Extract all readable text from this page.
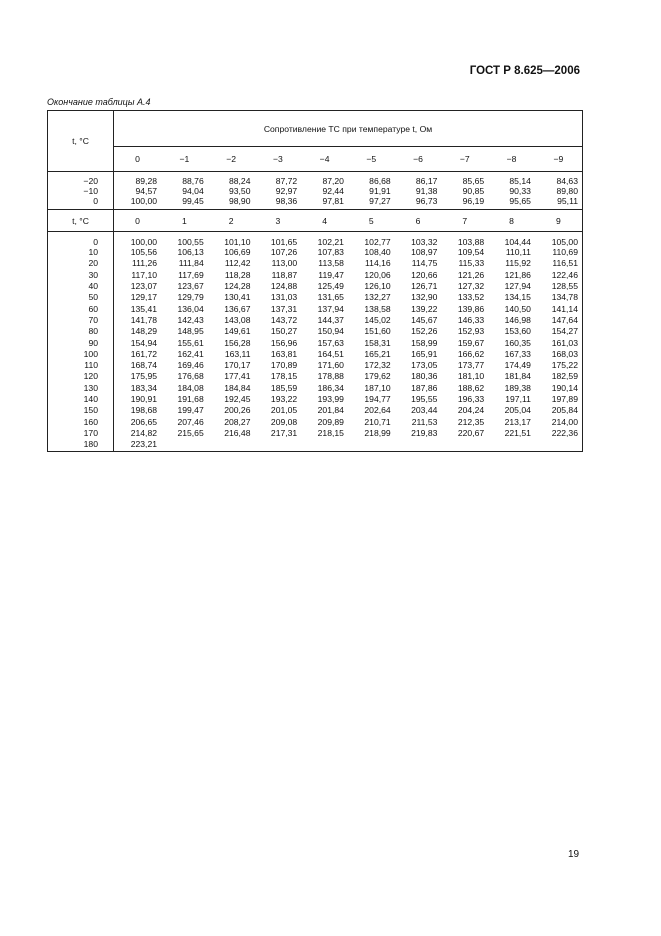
ГОСТ Р 8.625—2006
Окончание таблицы А.4
t, °C	Сопротивление ТС при температуре t, Ом									
	0	−1	−2	−3	−4	−5	−6	−7	−8	−9
−20	89,28	88,76	88,24	87,72	87,20	86,68	86,17	85,65	85,14	84,63
−10	94,57	94,04	93,50	92,97	92,44	91,91	91,38	90,85	90,33	89,80
0	100,00	99,45	98,90	98,36	97,81	97,27	96,73	96,19	95,65	95,11
t, °C	0	1	2	3	4	5	6	7	8	9
0	100,00	100,55	101,10	101,65	102,21	102,77	103,32	103,88	104,44	105,00
10	105,56	106,13	106,69	107,26	107,83	108,40	108,97	109,54	110,11	110,69
20	111,26	111,84	112,42	113,00	113,58	114,16	114,75	115,33	115,92	116,51
30	117,10	117,69	118,28	118,87	119,47	120,06	120,66	121,26	121,86	122,46
40	123,07	123,67	124,28	124,88	125,49	126,10	126,71	127,32	127,94	128,55
50	129,17	129,79	130,41	131,03	131,65	132,27	132,90	133,52	134,15	134,78
60	135,41	136,04	136,67	137,31	137,94	138,58	139,22	139,86	140,50	141,14
70	141,78	142,43	143,08	143,72	144,37	145,02	145,67	146,33	146,98	147,64
80	148,29	148,95	149,61	150,27	150,94	151,60	152,26	152,93	153,60	154,27
90	154,94	155,61	156,28	156,96	157,63	158,31	158,99	159,67	160,35	161,03
100	161,72	162,41	163,11	163,81	164,51	165,21	165,91	166,62	167,33	168,03
110	168,74	169,46	170,17	170,89	171,60	172,32	173,05	173,77	174,49	175,22
120	175,95	176,68	177,41	178,15	178,88	179,62	180,36	181,10	181,84	182,59
130	183,34	184,08	184,84	185,59	186,34	187,10	187,86	188,62	189,38	190,14
140	190,91	191,68	192,45	193,22	193,99	194,77	195,55	196,33	197,11	197,89
150	198,68	199,47	200,26	201,05	201,84	202,64	203,44	204,24	205,04	205,84
160	206,65	207,46	208,27	209,08	209,89	210,71	211,53	212,35	213,17	214,00
170	214,82	215,65	216,48	217,31	218,15	218,99	219,83	220,67	221,51	222,36
180	223,21									
19
